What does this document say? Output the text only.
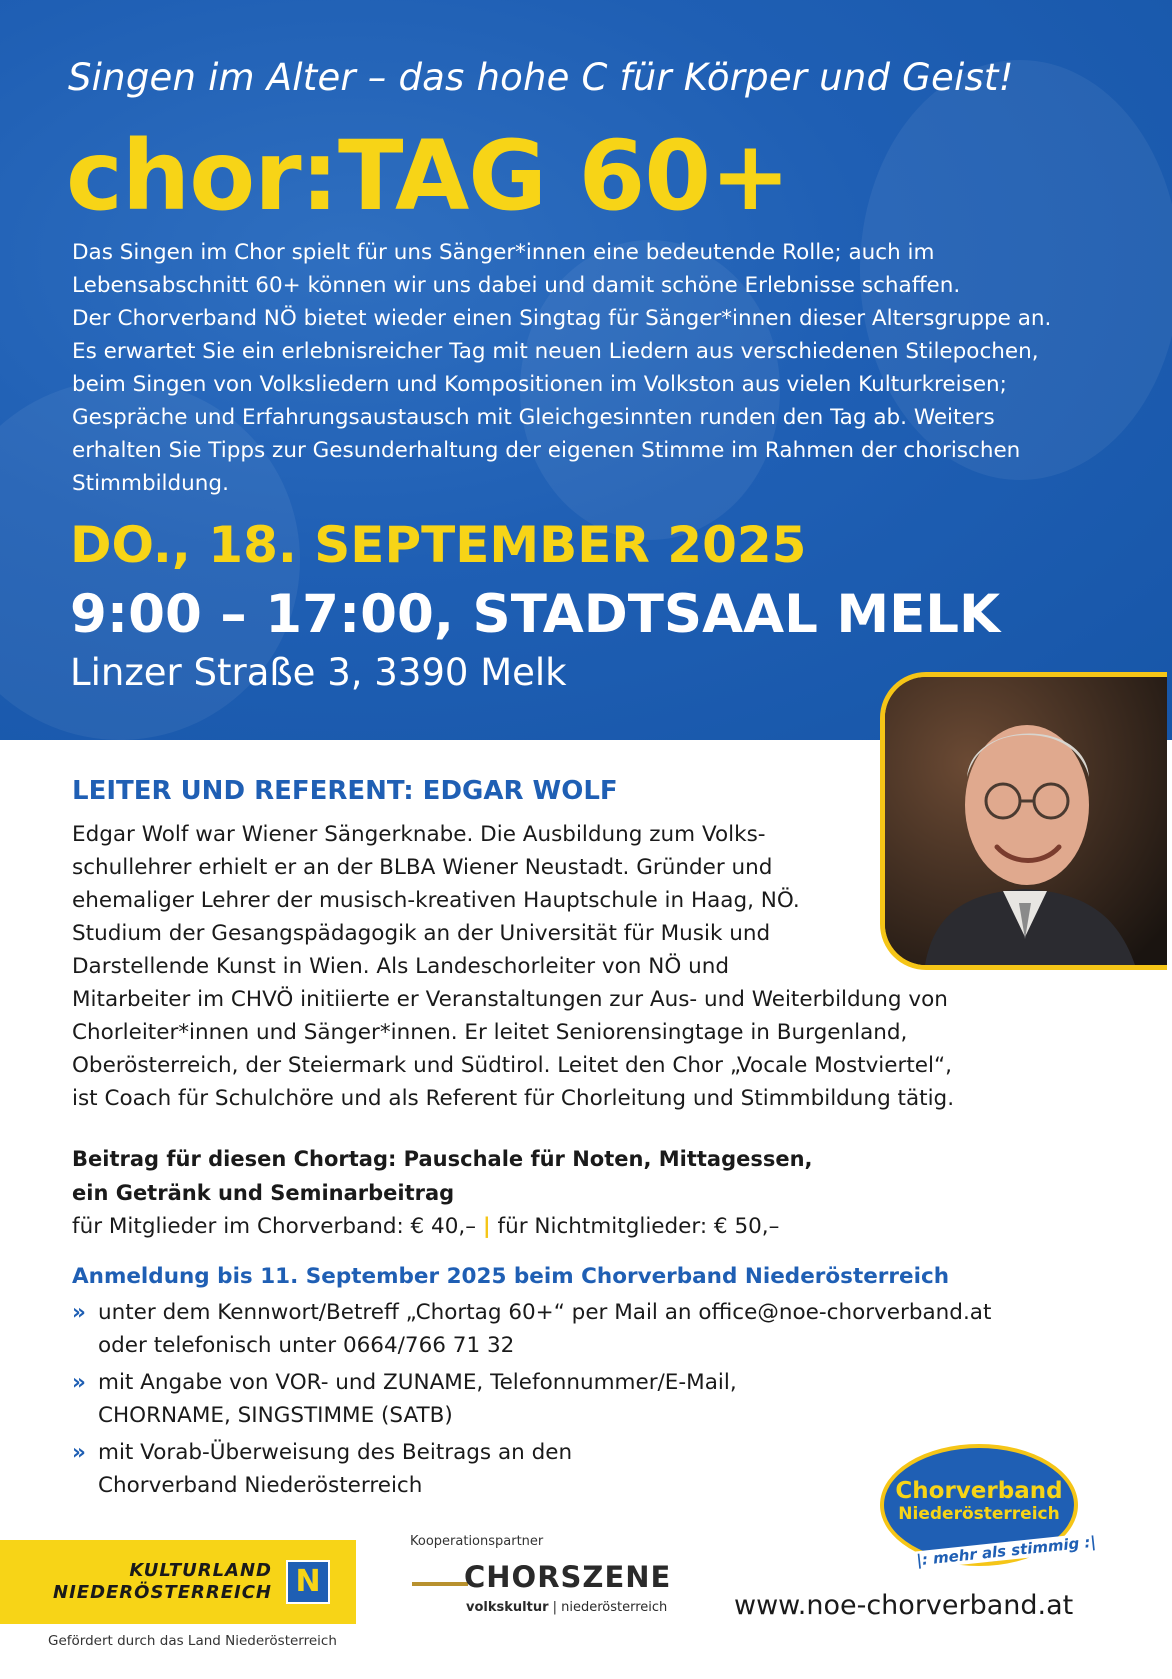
Singen im Alter – das hohe C für Körper und Geist!
chor:TAG 60+

Das Singen im Chor spielt für uns Sänger*innen eine bedeutende Rolle; auch im

Lebensabschnitt 60+ können wir uns dabei und damit schöne Erlebnisse schaffen.

Der Chorverband NÖ bietet wieder einen Singtag für Sänger*innen dieser Altersgruppe an.

Es erwartet Sie ein erlebnisreicher Tag mit neuen Liedern aus verschiedenen Stilepochen,

beim Singen von Volksliedern und Kompositionen im Volkston aus vielen Kulturkreisen;

Gespräche und Erfahrungsaustausch mit Gleichgesinnten runden den Tag ab. Weiters

erhalten Sie Tipps zur Gesunderhaltung der eigenen Stimme im Rahmen der chorischen

Stimmbildung.

DO., 18. SEPTEMBER 2025
9:00 – 17:00, STADTSAAL MELK
Linzer Straße 3, 3390 Melk
LEITER UND REFERENT: EDGAR WOLF
Edgar Wolf war Wiener Sängerknabe. Die Ausbildung zum Volks-
schullehrer erhielt er an der BLBA Wiener Neustadt. Gründer und
ehemaliger Lehrer der musisch-kreativen Hauptschule in Haag, NÖ.
Studium der Gesangspädagogik an der Universität für Musik und
Darstellende Kunst in Wien. Als Landeschorleiter von NÖ und
Mitarbeiter im CHVÖ initiierte er Veranstaltungen zur Aus- und Weiterbildung von
Chorleiter*innen und Sänger*innen. Er leitet Seniorensingtage in Burgenland,
Oberösterreich, der Steiermark und Südtirol. Leitet den Chor „Vocale Mostviertel“,
ist Coach für Schulchöre und als Referent für Chorleitung und Stimmbildung tätig.
Beitrag für diesen Chortag: Pauschale für Noten, Mittagessen,
ein Getränk und Seminarbeitrag
für Mitglieder im Chorverband: € 40,– | für Nichtmitglieder: € 50,–
Anmeldung bis 11. September 2025 beim Chorverband Niederösterreich
» unter dem Kennwort/Betreff „Chortag 60+“ per Mail an office@noe-chorverband.at
oder telefonisch unter 0664/766 71 32
» mit Angabe von VOR- und ZUNAME, Telefonnummer/E-Mail,
CHORNAME, SINGSTIMME (SATB)
» mit Vorab-Überweisung des Beitrags an den
Chorverband Niederösterreich
KULTURLAND
NIEDERÖSTERREICH N
Gefördert durch das Land Niederösterreich
Kooperationspartner
CHORSZENE
volkskultur | niederösterreich
Chorverband
Niederösterreich
|: mehr als stimmig :|
www.noe-chorverband.at
